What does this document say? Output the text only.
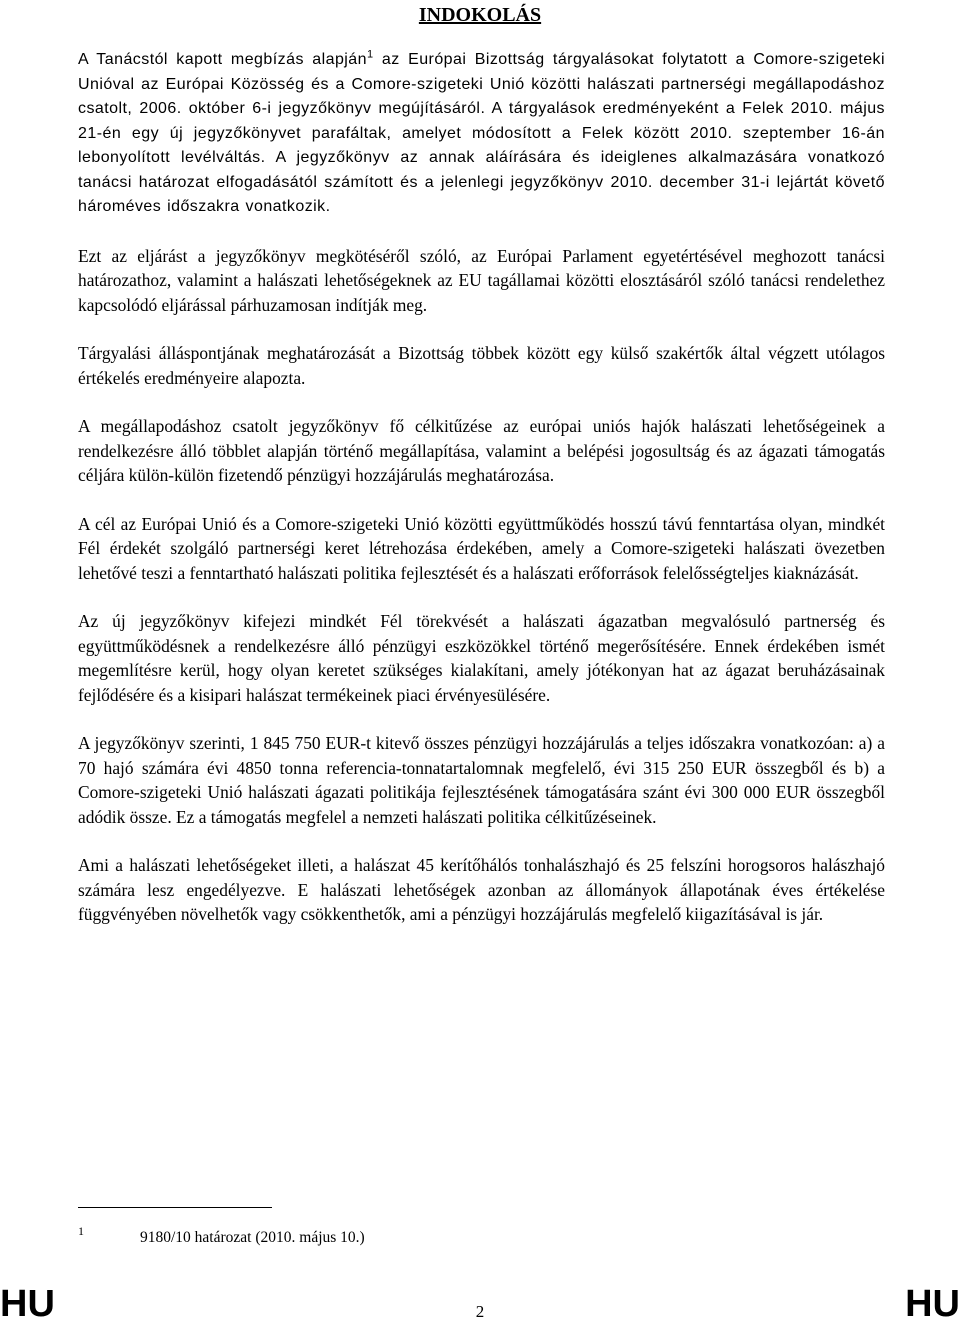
INDOKOLÁS

A Tanácstól kapott megbízás alapján$^1$ az Európai Bizottság tárgyalásokat folytatott a Comore-szigeteki Unióval az Európai Közösség és a Comore-szigeteki Unió közötti halászati partnerségi megállapodáshoz csatolt, 2006. október 6-i jegyzőkönyv megújításáról. A tárgyalások eredményeként a Felek 2010. május 21-én egy új jegyzőkönyvet parafáltak, amelyet módosított a Felek között 2010. szeptember 16-án lebonyolított levélváltás. A jegyzőkönyv az annak aláírására és ideiglenes alkalmazására vonatkozó tanácsi határozat elfogadásától számított és a jelenlegi jegyzőkönyv 2010. december 31-i lejártát követő hároméves időszakra vonatkozik.

Ezt az eljárást a jegyzőkönyv megkötéséről szóló, az Európai Parlament egyetértésével meghozott tanácsi határozathoz, valamint a halászati lehetőségeknek az EU tagállamai közötti elosztásáról szóló tanácsi rendelethez kapcsolódó eljárással párhuzamosan indítják meg.

Tárgyalási álláspontjának meghatározását a Bizottság többek között egy külső szakértők által végzett utólagos értékelés eredményeire alapozta.

A megállapodáshoz csatolt jegyzőkönyv fő célkitűzése az európai uniós hajók halászati lehetőségeinek a rendelkezésre álló többlet alapján történő megállapítása, valamint a belépési jogosultság és az ágazati támogatás céljára külön-külön fizetendő pénzügyi hozzájárulás meghatározása.

A cél az Európai Unió és a Comore-szigeteki Unió közötti együttműködés hosszú távú fenntartása olyan, mindkét Fél érdekét szolgáló partnerségi keret létrehozása érdekében, amely a Comore-szigeteki halászati övezetben lehetővé teszi a fenntartható halászati politika fejlesztését és a halászati erőforrások felelősségteljes kiaknázását.

Az új jegyzőkönyv kifejezi mindkét Fél törekvését a halászati ágazatban megvalósuló partnerség és együttműködésnek a rendelkezésre álló pénzügyi eszközökkel történő megerősítésére. Ennek érdekében ismét megemlítésre kerül, hogy olyan keretet szükséges kialakítani, amely jótékonyan hat az ágazat beruházásainak fejlődésére és a kisipari halászat termékeinek piaci érvényesülésére.

A jegyzőkönyv szerinti, 1 845 750 EUR-t kitevő összes pénzügyi hozzájárulás a teljes időszakra vonatkozóan: a) a 70 hajó számára évi 4850 tonna referencia-tonnatartalomnak megfelelő, évi 315 250 EUR összegből és b) a Comore-szigeteki Unió halászati ágazati politikája fejlesztésének támogatására szánt évi 300 000 EUR összegből adódik össze. Ez a támogatás megfelel a nemzeti halászati politika célkitűzéseinek.

Ami a halászati lehetőségeket illeti, a halászat 45 kerítőhálós tonhalászhajó és 25 felszíni horogsoros halászhajó számára lesz engedélyezve. E halászati lehetőségek azonban az állományok állapotának éves értékelése függvényében növelhetők vagy csökkenthetők, ami a pénzügyi hozzájárulás megfelelő kiigazításával is jár.

1	9180/10 határozat (2010. május 10.)
HU	2	HU
